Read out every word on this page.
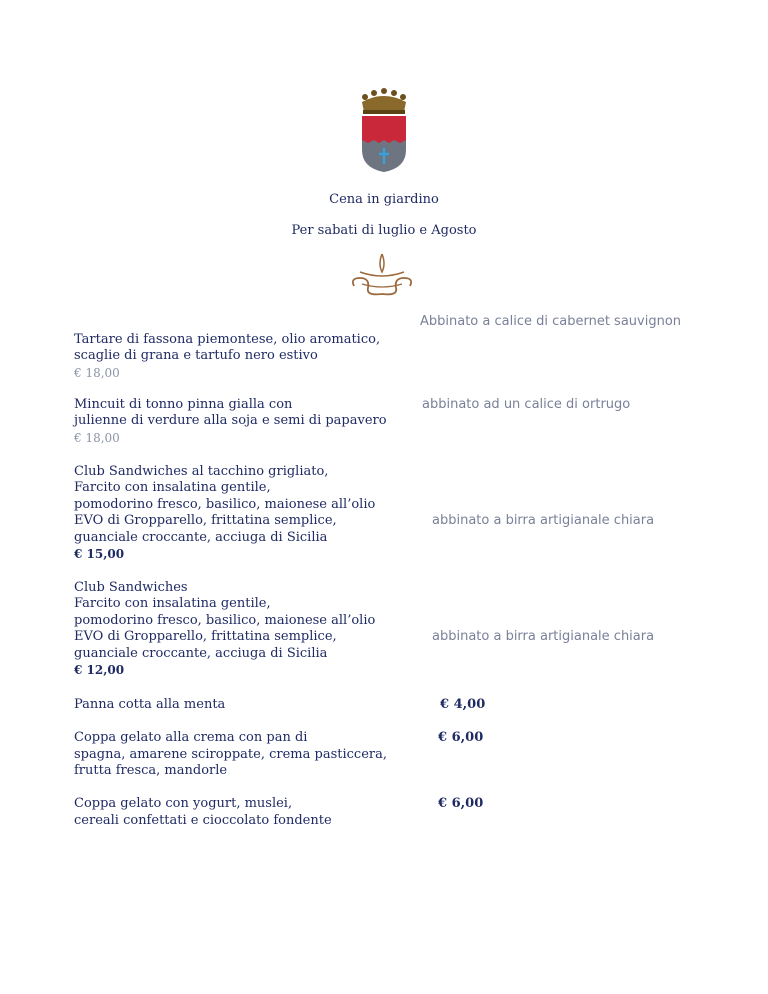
Cena in giardino
Per sabati di luglio e Agosto

Tartare di fassona piemontese, olio aromatico,
scaglie di grana e tartufo nero estivo

€ 18,00

Abbinato a calice di cabernet sauvignon

Mincuit di tonno pinna gialla con
julienne di verdure alla soja e semi di papavero

€ 18,00

abbinato ad un calice di ortrugo

Club Sandwiches al tacchino grigliato,
Farcito con insalatina gentile,
pomodorino fresco, basilico, maionese all’olio
EVO di Gropparello, frittatina semplice,
guanciale croccante, acciuga di Sicilia

€ 15,00

abbinato a birra artigianale chiara

Club Sandwiches
Farcito con insalatina gentile,
pomodorino fresco, basilico, maionese all’olio
EVO di Gropparello, frittatina semplice,
guanciale croccante, acciuga di Sicilia

€ 12,00

abbinato a birra artigianale chiara
Panna cotta alla menta	€ 4,00
Coppa gelato alla crema con pan di
spagna, amarene sciroppate, crema pasticcera,
frutta fresca, mandorle
€ 6,00
Coppa gelato con yogurt, muslei,
cereali confettati e cioccolato fondente
€ 6,00
